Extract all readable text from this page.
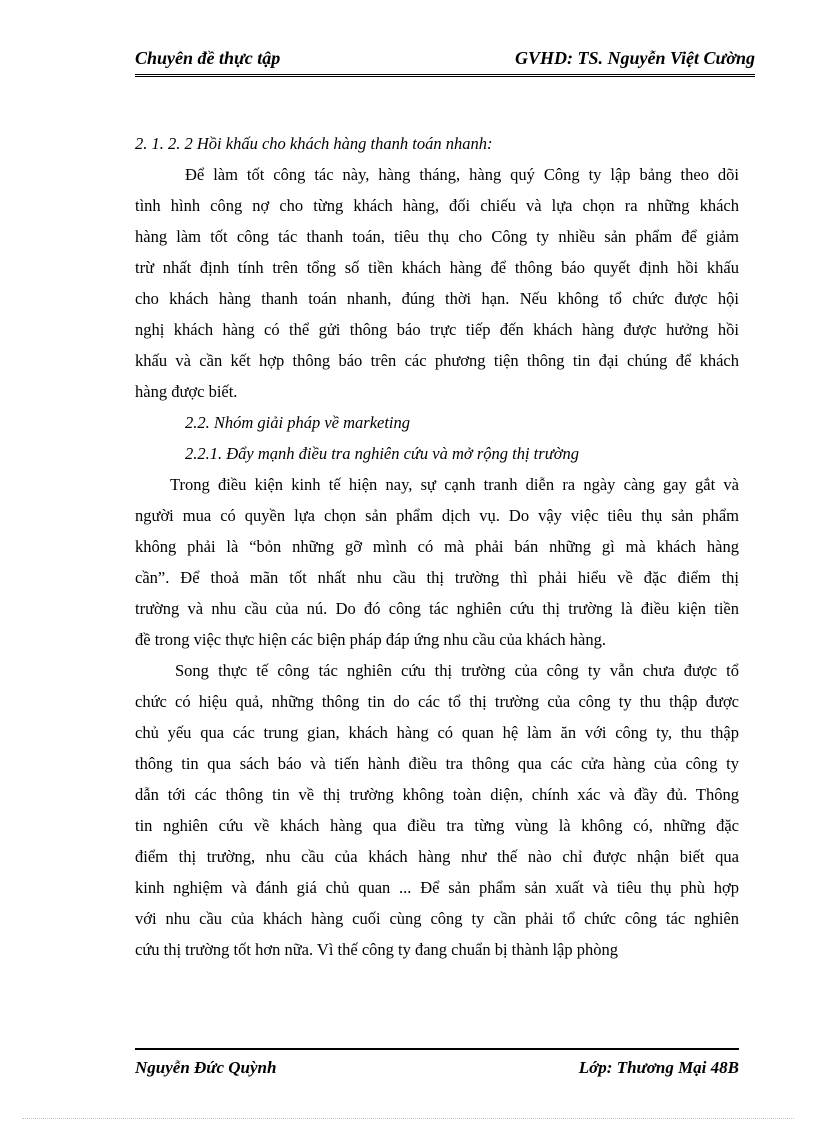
Chuyên đề thực tập	GVHD: TS. Nguyễn Việt Cường
2. 1. 2. 2 Hồi khấu cho khách hàng thanh toán nhanh:
Để làm tốt công tác này, hàng tháng, hàng quý Công ty lập bảng theo dõi
tình hình công nợ cho từng khách hàng, đối chiếu và lựa chọn ra những khách
hàng làm tốt công tác thanh toán, tiêu thụ cho Công ty nhiều sản phẩm để giảm
trừ nhất định tính trên tổng số tiền khách hàng để thông báo quyết định hồi khấu
cho khách hàng thanh toán nhanh, đúng thời hạn. Nếu không tổ chức được hội
nghị khách hàng có thể gửi thông báo trực tiếp đến khách hàng được hưởng hồi
khấu và cần kết hợp thông báo trên các phương tiện thông tin đại chúng để khách
hàng được biết.
2.2. Nhóm giải pháp về marketing
2.2.1. Đẩy mạnh điều tra nghiên cứu và mở rộng thị trường
Trong điều kiện kinh tế hiện nay, sự cạnh tranh diễn ra ngày càng gay gắt và
người mua có quyền lựa chọn sản phẩm dịch vụ. Do vậy việc tiêu thụ sản phẩm
không phải là “bỏn những gỡ mình có mà phải bán những gì mà khách hàng
cần”. Để thoả mãn tốt nhất nhu cầu thị trường thì phải hiểu về đặc điểm thị
trường và nhu cầu của nú. Do đó công tác nghiên cứu thị trường là điều kiện tiền
đề trong việc thực hiện các biện pháp đáp ứng nhu cầu của khách hàng.
Song thực tế công tác nghiên cứu thị trường của công ty vẫn chưa được tổ
chức có hiệu quả, những thông tin do các tổ thị trường của công ty thu thập được
chủ yếu qua các trung gian, khách hàng có quan hệ làm ăn với công ty, thu thập
thông tin qua sách báo và tiến hành điều tra thông qua các cửa hàng của công ty
dẫn tới các thông tin về thị trường không toàn diện, chính xác và đầy đủ. Thông
tin nghiên cứu về khách hàng qua điều tra từng vùng là không có, những đặc
điểm thị trường, nhu cầu của khách hàng như thế nào chỉ được nhận biết qua
kinh nghiệm và đánh giá chủ quan ... Để sản phẩm sản xuất và tiêu thụ phù hợp
với nhu cầu của khách hàng cuối cùng công ty cần phải tổ chức công tác nghiên
cứu thị trường tốt hơn nữa. Vì thế công ty đang chuẩn bị thành lập phòng
Nguyễn Đức Quỳnh	Lớp: Thương Mại 48B
